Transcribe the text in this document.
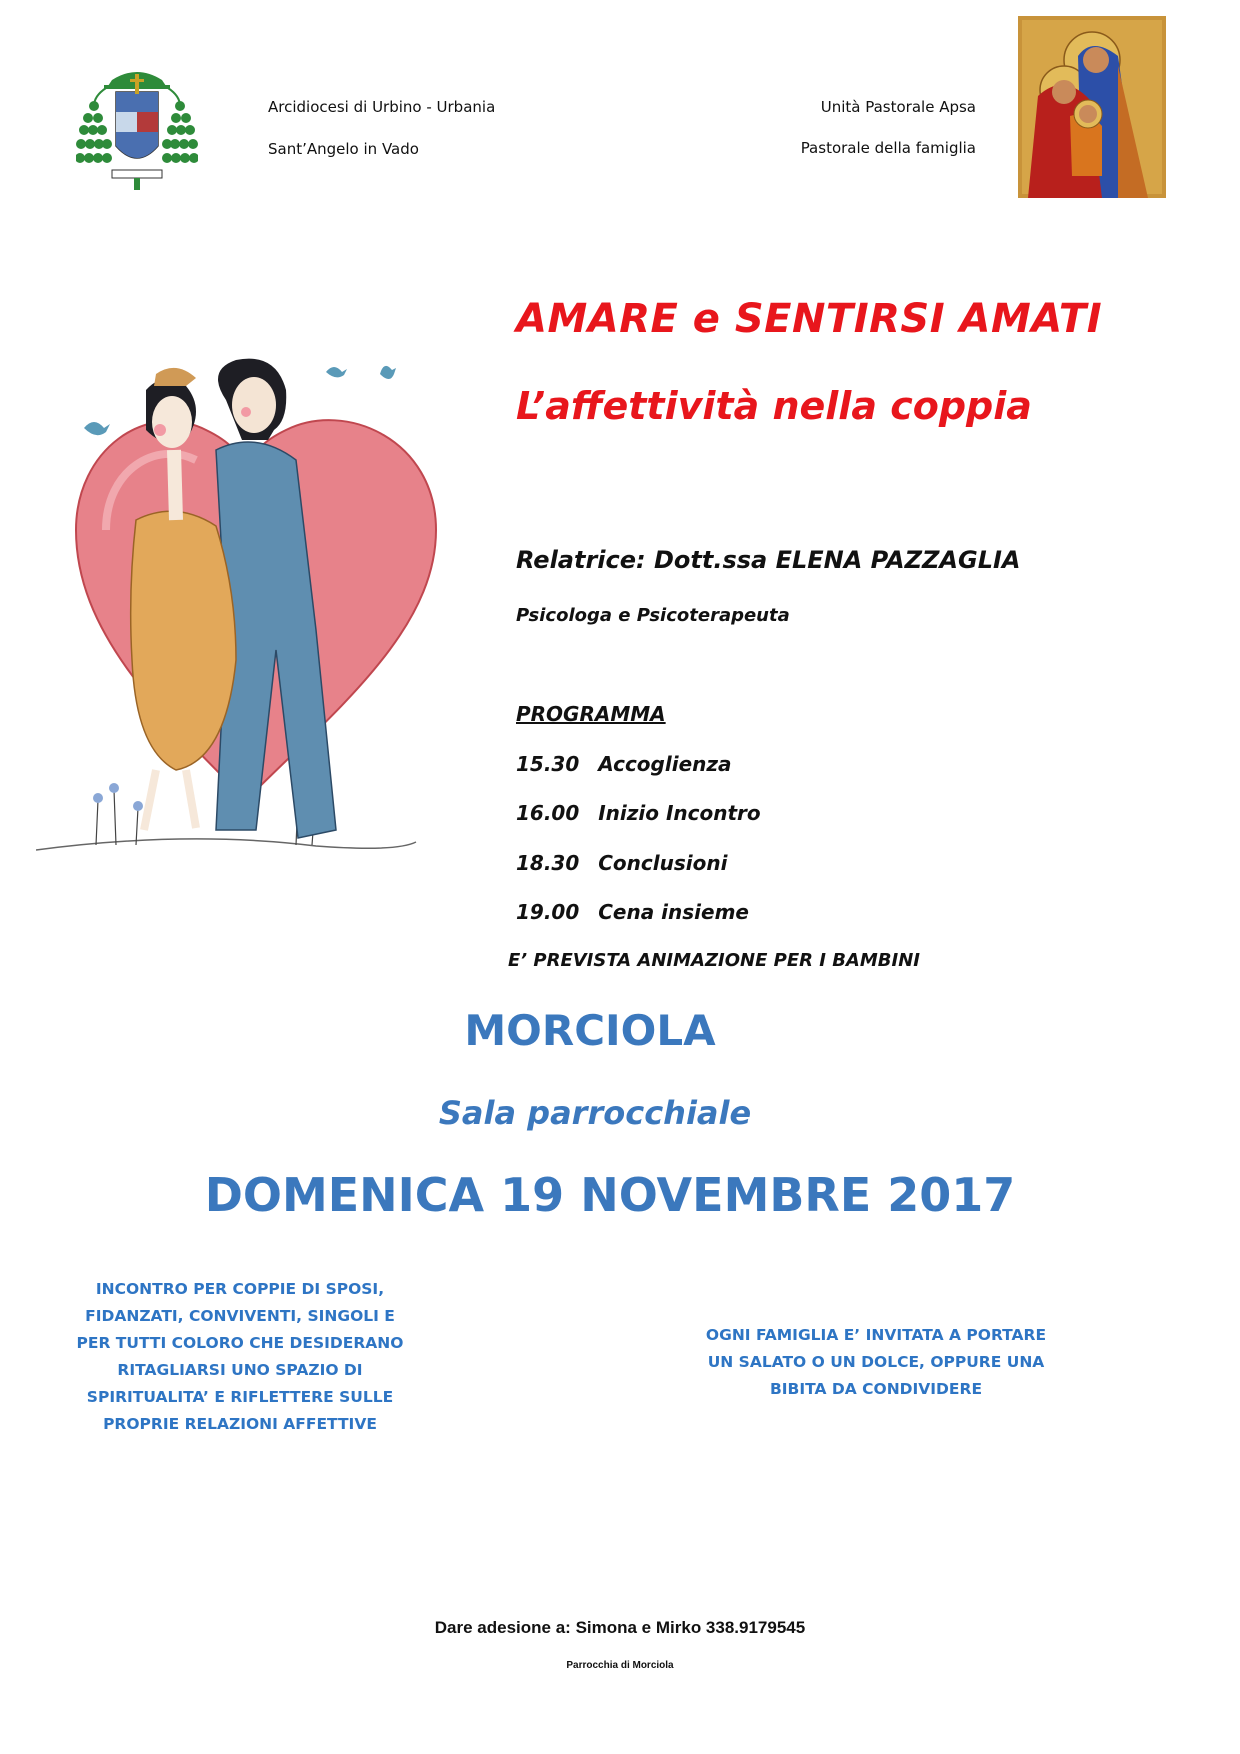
Arcidiocesi di Urbino - Urbania
Sant’Angelo in Vado
Unità Pastorale Apsa
Pastorale della famiglia
AMARE e SENTIRSI AMATI
L’affettività nella coppia
Relatrice: Dott.ssa ELENA PAZZAGLIA
Psicologa e Psicoterapeuta
PROGRAMMA
15.30 Accoglienza
16.00 Inizio Incontro
18.30 Conclusioni
19.00 Cena insieme
E’ PREVISTA ANIMAZIONE PER I BAMBINI
MORCIOLA
Sala parrocchiale
DOMENICA 19 NOVEMBRE 2017
INCONTRO PER COPPIE DI SPOSI,
FIDANZATI, CONVIVENTI, SINGOLI E
PER TUTTI COLORO CHE DESIDERANO
RITAGLIARSI UNO SPAZIO DI
SPIRITUALITA’ E RIFLETTERE SULLE
PROPRIE RELAZIONI AFFETTIVE
OGNI FAMIGLIA E’ INVITATA A PORTARE
UN SALATO O UN DOLCE, OPPURE UNA
BIBITA DA CONDIVIDERE
Dare adesione a: Simona e Mirko 338.9179545
Parrocchia di Morciola
